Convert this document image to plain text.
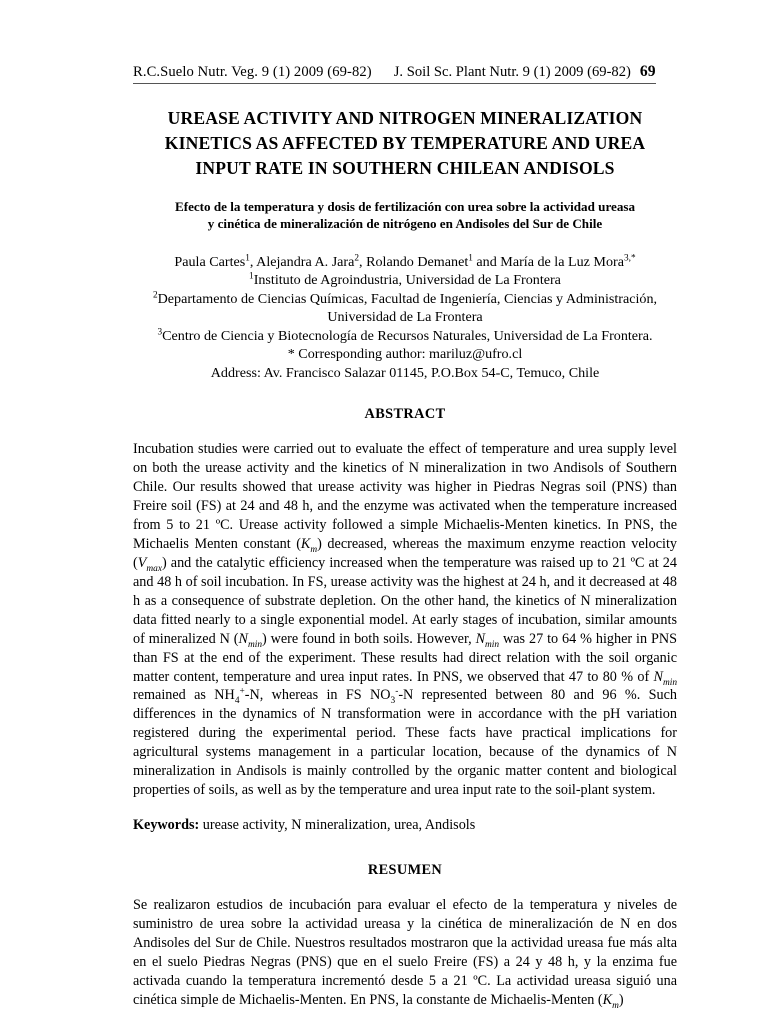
R.C.Suelo Nutr. Veg. 9 (1) 2009 (69-82) J. Soil Sc. Plant Nutr. 9 (1) 2009 (69-82) 69
UREASE ACTIVITY AND NITROGEN MINERALIZATION
KINETICS AS AFFECTED BY TEMPERATURE AND UREA
INPUT RATE IN SOUTHERN CHILEAN ANDISOLS
Efecto de la temperatura y dosis de fertilización con urea sobre la actividad ureasa
y cinética de mineralización de nitrógeno en Andisoles del Sur de Chile
Paula Cartes$^1$, Alejandra A. Jara$^2$, Rolando Demanet$^1$ and María de la Luz Mora$^{3,*}$
$^1$Instituto de Agroindustria, Universidad de La Frontera
$^2$Departamento de Ciencias Químicas, Facultad de Ingeniería, Ciencias y Administración,
Universidad de La Frontera
$^3$Centro de Ciencia y Biotecnología de Recursos Naturales, Universidad de La Frontera.
* Corresponding author: mariluz@ufro.cl
Address: Av. Francisco Salazar 01145, P.O.Box 54-C, Temuco, Chile
ABSTRACT
Incubation studies were carried out to evaluate the effect of temperature and urea supply level on both the urease activity and the kinetics of N mineralization in two Andisols of Southern Chile. Our results showed that urease activity was higher in Piedras Negras soil (PNS) than Freire soil (FS) at 24 and 48 h, and the enzyme was activated when the temperature increased from 5 to 21 ºC. Urease activity followed a simple Michaelis-Menten kinetics. In PNS, the Michaelis Menten constant $(K_m)$ decreased, whereas the maximum enzyme reaction velocity $(V_{max})$ and the catalytic efficiency increased when the temperature was raised up to 21 ºC at 24 and 48 h of soil incubation. In FS, urease activity was the highest at 24 h, and it decreased at 48 h as a consequence of substrate depletion. On the other hand, the kinetics of N mineralization data fitted nearly to a single exponential model. At early stages of incubation, similar amounts of mineralized N $(N_{min})$ were found in both soils. However, $N_{min}$ was 27 to 64 % higher in PNS than FS at the end of the experiment. These results had direct relation with the soil organic matter content, temperature and urea input rates. In PNS, we observed that 47 to 80 % of $N_{min}$ remained as $NH_4^+-N$, whereas in FS $NO_3^--N$ represented between 80 and 96 %. Such differences in the dynamics of N transformation were in accordance with the pH variation registered during the experimental period. These facts have practical implications for agricultural systems management in a particular location, because of the dynamics of N mineralization in Andisols is mainly controlled by the organic matter content and biological properties of soils, as well as by the temperature and urea input rate to the soil-plant system.
Keywords: urease activity, N mineralization, urea, Andisols
RESUMEN
Se realizaron estudios de incubación para evaluar el efecto de la temperatura y niveles de suministro de urea sobre la actividad ureasa y la cinética de mineralización de N en dos Andisoles del Sur de Chile. Nuestros resultados mostraron que la actividad ureasa fue más alta en el suelo Piedras Negras (PNS) que en el suelo Freire (FS) a 24 y 48 h, y la enzima fue activada cuando la temperatura incrementó desde 5 a 21 ºC. La actividad ureasa siguió una cinética simple de Michaelis-Menten. En PNS, la constante de Michaelis-Menten $(K_m)$
